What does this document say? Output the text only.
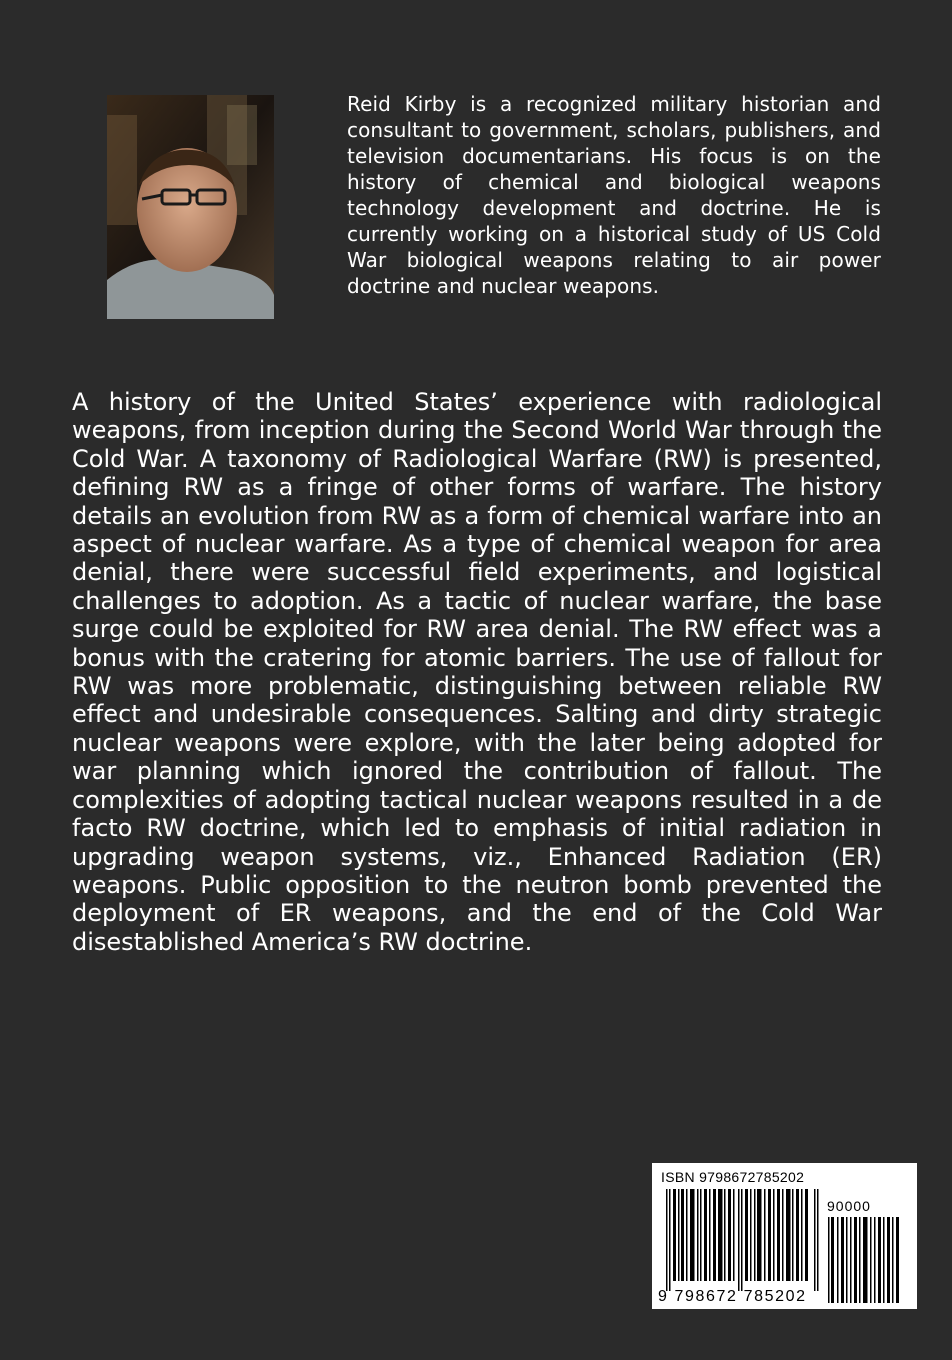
Reid Kirby is a recognized military historian and consultant to government, scholars, publishers, and television documentarians. His focus is on the history of chemical and biological weapons technology development and doctrine. He is currently working on a historical study of US Cold War biological weapons relating to air power doctrine and nuclear weapons.

A history of the United States’ experience with radiological weapons, from inception during the Second World War through the Cold War. A taxonomy of Radiological Warfare (RW) is presented, defining RW as a fringe of other forms of warfare. The history details an evolution from RW as a form of chemical warfare into an aspect of nuclear warfare. As a type of chemical weapon for area denial, there were successful field experiments, and logistical challenges to adoption. As a tactic of nuclear warfare, the base surge could be exploited for RW area denial. The RW effect was a bonus with the cratering for atomic barriers. The use of fallout for RW was more problematic, distinguishing between reliable RW effect and undesirable consequences. Salting and dirty strategic nuclear weapons were explore, with the later being adopted for war planning which ignored the contribution of fallout. The complexities of adopting tactical nuclear weapons resulted in a de facto RW doctrine, which led to emphasis of initial radiation in upgrading weapon systems, viz., Enhanced Radiation (ER) weapons. Public opposition to the neutron bomb prevented the deployment of ER weapons, and the end of the Cold War disestablished America’s RW doctrine.

ISBN 9798672785202

90000

9 798672 785202
